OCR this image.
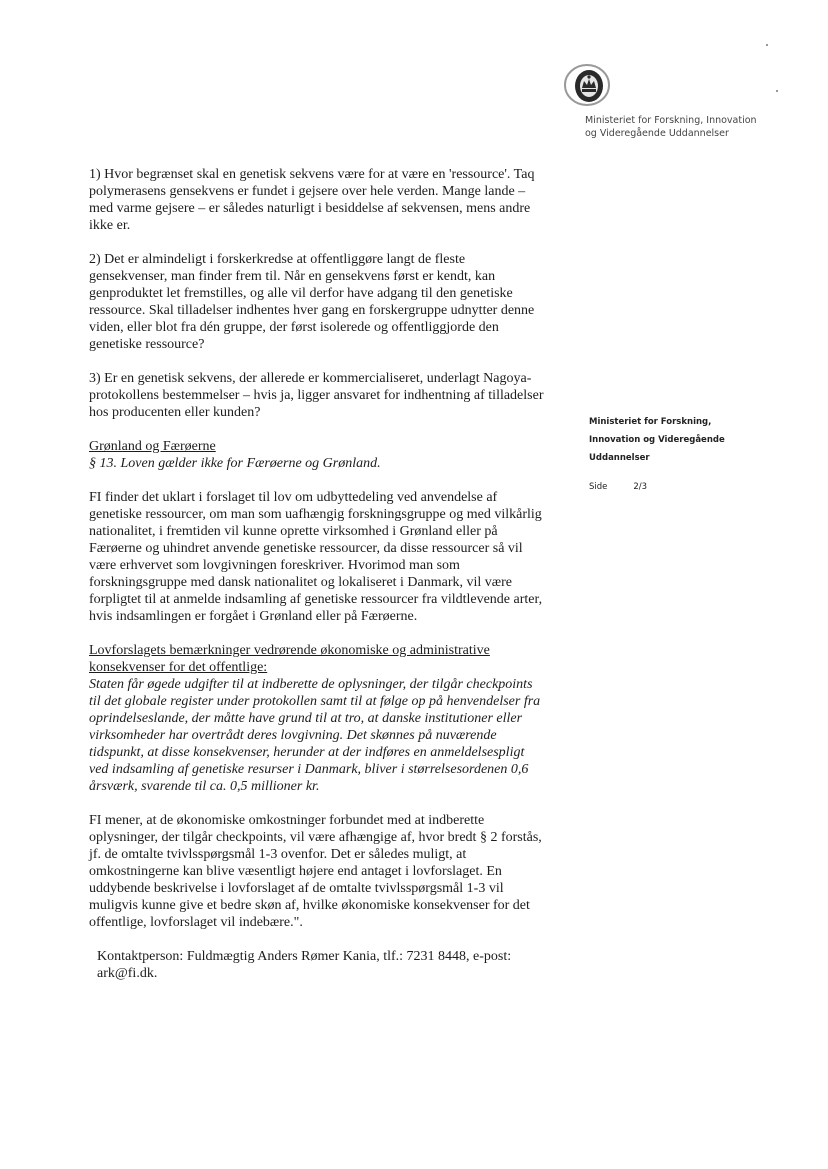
Ministeriet for Forskning, Innovation
og Videregående Uddannelser
Ministeriet for Forskning,
Innovation og Videregående
Uddannelser
Side	2/3
1) Hvor begrænset skal en genetisk sekvens være for at være en 'ressource'. Taq
polymerasens gensekvens er fundet i gejsere over hele verden. Mange lande –
med varme gejsere – er således naturligt i besiddelse af sekvensen, mens andre
ikke er.
2) Det er almindeligt i forskerkredse at offentliggøre langt de fleste
gensekvenser, man finder frem til. Når en gensekvens først er kendt, kan
genproduktet let fremstilles, og alle vil derfor have adgang til den genetiske
ressource. Skal tilladelser indhentes hver gang en forskergruppe udnytter denne
viden, eller blot fra dén gruppe, der først isolerede og offentliggjorde den
genetiske ressource?
3) Er en genetisk sekvens, der allerede er kommercialiseret, underlagt Nagoya-
protokollens bestemmelser – hvis ja, ligger ansvaret for indhentning af tilladelser
hos producenten eller kunden?
Grønland og Færøerne
§ 13. Loven gælder ikke for Færøerne og Grønland.
FI finder det uklart i forslaget til lov om udbyttedeling ved anvendelse af
genetiske ressourcer, om man som uafhængig forskningsgruppe og med vilkårlig
nationalitet, i fremtiden vil kunne oprette virksomhed i Grønland eller på
Færøerne og uhindret anvende genetiske ressourcer, da disse ressourcer så vil
være erhvervet som lovgivningen foreskriver. Hvorimod man som
forskningsgruppe med dansk nationalitet og lokaliseret i Danmark, vil være
forpligtet til at anmelde indsamling af genetiske ressourcer fra vildtlevende arter,
hvis indsamlingen er forgået i Grønland eller på Færøerne.
Lovforslagets bemærkninger vedrørende økonomiske og administrative
konsekvenser for det offentlige:
Staten får øgede udgifter til at indberette de oplysninger, der tilgår checkpoints
til det globale register under protokollen samt til at følge op på henvendelser fra
oprindelseslande, der måtte have grund til at tro, at danske institutioner eller
virksomheder har overtrådt deres lovgivning. Det skønnes på nuværende
tidspunkt, at disse konsekvenser, herunder at der indføres en anmeldelsespligt
ved indsamling af genetiske resurser i Danmark, bliver i størrelsesordenen 0,6
årsværk, svarende til ca. 0,5 millioner kr.
FI mener, at de økonomiske omkostninger forbundet med at indberette
oplysninger, der tilgår checkpoints, vil være afhængige af, hvor bredt § 2 forstås,
jf. de omtalte tvivlsspørgsmål 1-3 ovenfor. Det er således muligt, at
omkostningerne kan blive væsentligt højere end antaget i lovforslaget. En
uddybende beskrivelse i lovforslaget af de omtalte tvivlsspørgsmål 1-3 vil
muligvis kunne give et bedre skøn af, hvilke økonomiske konsekvenser for det
offentlige, lovforslaget vil indebære.".
Kontaktperson: Fuldmægtig Anders Rømer Kania, tlf.: 7231 8448, e-post:
ark@fi.dk.
